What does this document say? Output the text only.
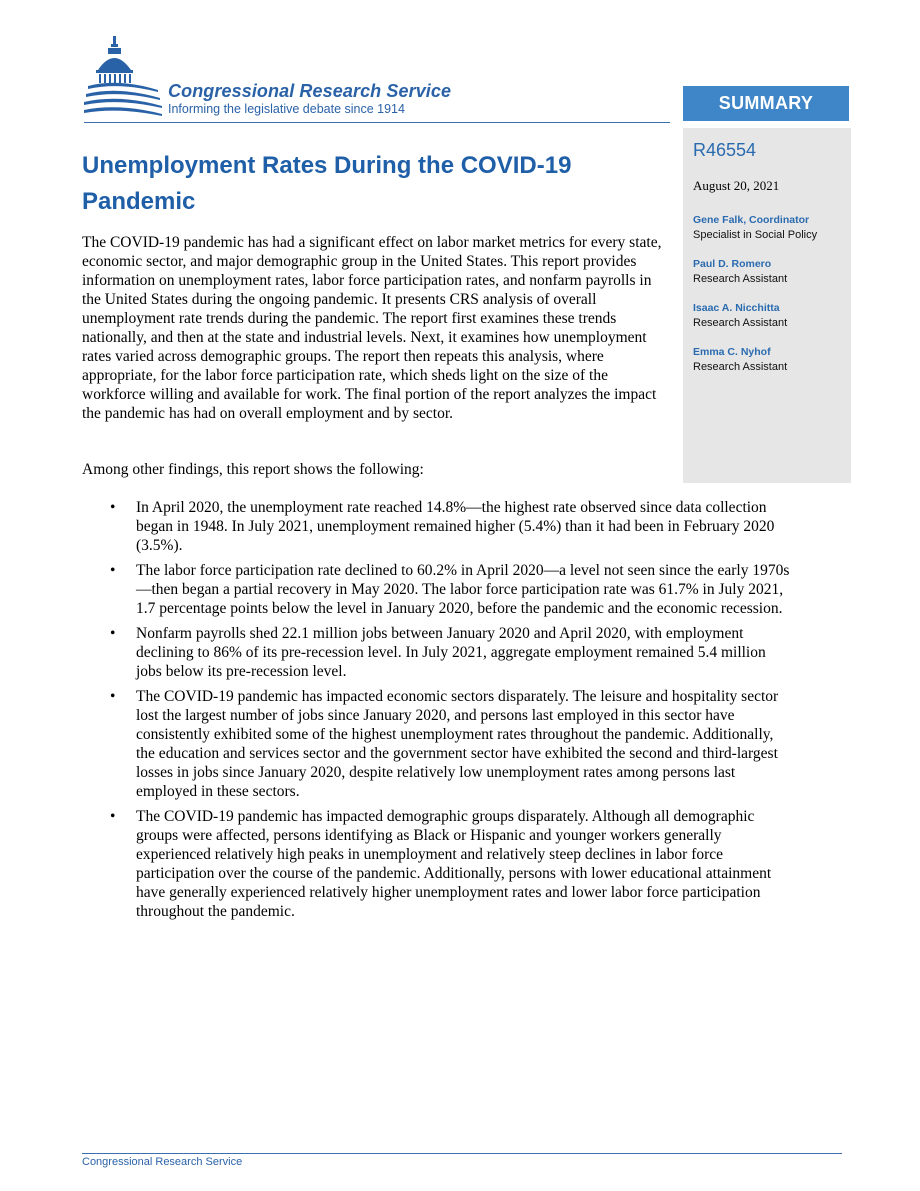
Congressional Research Service
Informing the legislative debate since 1914	SUMMARY
R46554
August 20, 2021
Gene Falk, Coordinator
Specialist in Social Policy
Paul D. Romero
Research Assistant
Isaac A. Nicchitta
Research Assistant
Emma C. Nyhof
Research Assistant
Unemployment Rates During the COVID-19 Pandemic

The COVID-19 pandemic has had a significant effect on labor market metrics for every state, economic sector, and major demographic group in the United States. This report provides information on unemployment rates, labor force participation rates, and nonfarm payrolls in the United States during the ongoing pandemic. It presents CRS analysis of overall unemployment rate trends during the pandemic. The report first examines these trends nationally, and then at the state and industrial levels. Next, it examines how unemployment rates varied across demographic groups. The report then repeats this analysis, where appropriate, for the labor force participation rate, which sheds light on the size of the workforce willing and available for work. The final portion of the report analyzes the impact the pandemic has had on overall employment and by sector.

Among other findings, this report shows the following:

• In April 2020, the unemployment rate reached 14.8%—the highest rate observed since data collection began in 1948. In July 2021, unemployment remained higher (5.4%) than it had been in February 2020 (3.5%).
• The labor force participation rate declined to 60.2% in April 2020—a level not seen since the early 1970s—then began a partial recovery in May 2020. The labor force participation rate was 61.7% in July 2021, 1.7 percentage points below the level in January 2020, before the pandemic and the economic recession.
• Nonfarm payrolls shed 22.1 million jobs between January 2020 and April 2020, with employment declining to 86% of its pre-recession level. In July 2021, aggregate employment remained 5.4 million jobs below its pre-recession level.
• The COVID-19 pandemic has impacted economic sectors disparately. The leisure and hospitality sector lost the largest number of jobs since January 2020, and persons last employed in this sector have consistently exhibited some of the highest unemployment rates throughout the pandemic. Additionally, the education and services sector and the government sector have exhibited the second and third-largest losses in jobs since January 2020, despite relatively low unemployment rates among persons last employed in these sectors.
• The COVID-19 pandemic has impacted demographic groups disparately. Although all demographic groups were affected, persons identifying as Black or Hispanic and younger workers generally experienced relatively high peaks in unemployment and relatively steep declines in labor force participation over the course of the pandemic. Additionally, persons with lower educational attainment have generally experienced relatively higher unemployment rates and lower labor force participation throughout the pandemic.
Congressional Research Service
